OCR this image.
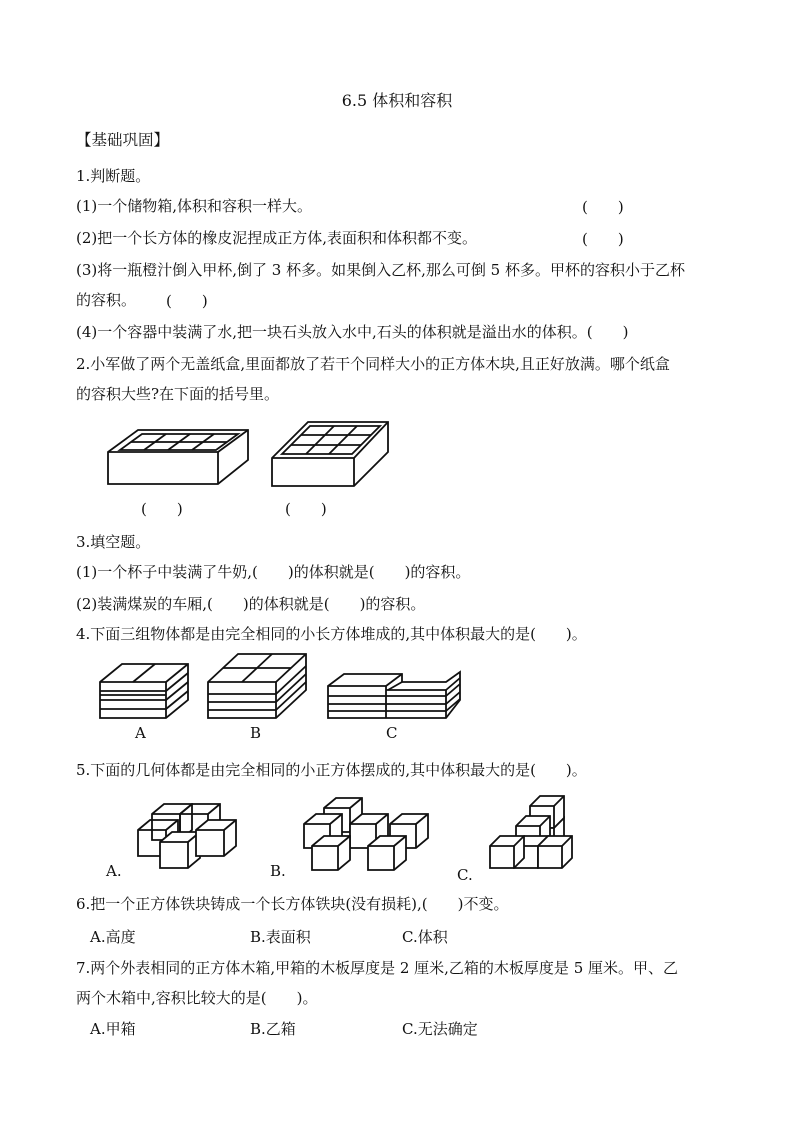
6.5 体积和容积
【基础巩固】
1.判断题。
(1)一个储物箱,体积和容积一样大。	(　　)
(2)把一个长方体的橡皮泥捏成正方体,表面积和体积都不变。	(　　)
(3)将一瓶橙汁倒入甲杯,倒了 3 杯多。如果倒入乙杯,那么可倒 5 杯多。甲杯的容积小于乙杯
的容积。 (　　)
(4)一个容器中装满了水,把一块石头放入水中,石头的体积就是溢出水的体积。(　　)
2.小军做了两个无盖纸盒,里面都放了若干个同样大小的正方体木块,且正好放满。哪个纸盒
的容积大些?在下面的括号里。
(　　)	(　　)
3.填空题。
(1)一个杯子中装满了牛奶,(　　)的体积就是(　　)的容积。
(2)装满煤炭的车厢,(　　)的体积就是(　　)的容积。
4.下面三组物体都是由完全相同的小长方体堆成的,其中体积最大的是(　　)。
A	B	C
5.下面的几何体都是由完全相同的小正方体摆成的,其中体积最大的是(　　)。
A.	B.	C.
6.把一个正方体铁块铸成一个长方体铁块(没有损耗),(　　)不变。
A.高度	B.表面积	C.体积
7.两个外表相同的正方体木箱,甲箱的木板厚度是 2 厘米,乙箱的木板厚度是 5 厘米。甲、乙
两个木箱中,容积比较大的是(　　)。
A.甲箱	B.乙箱	C.无法确定
